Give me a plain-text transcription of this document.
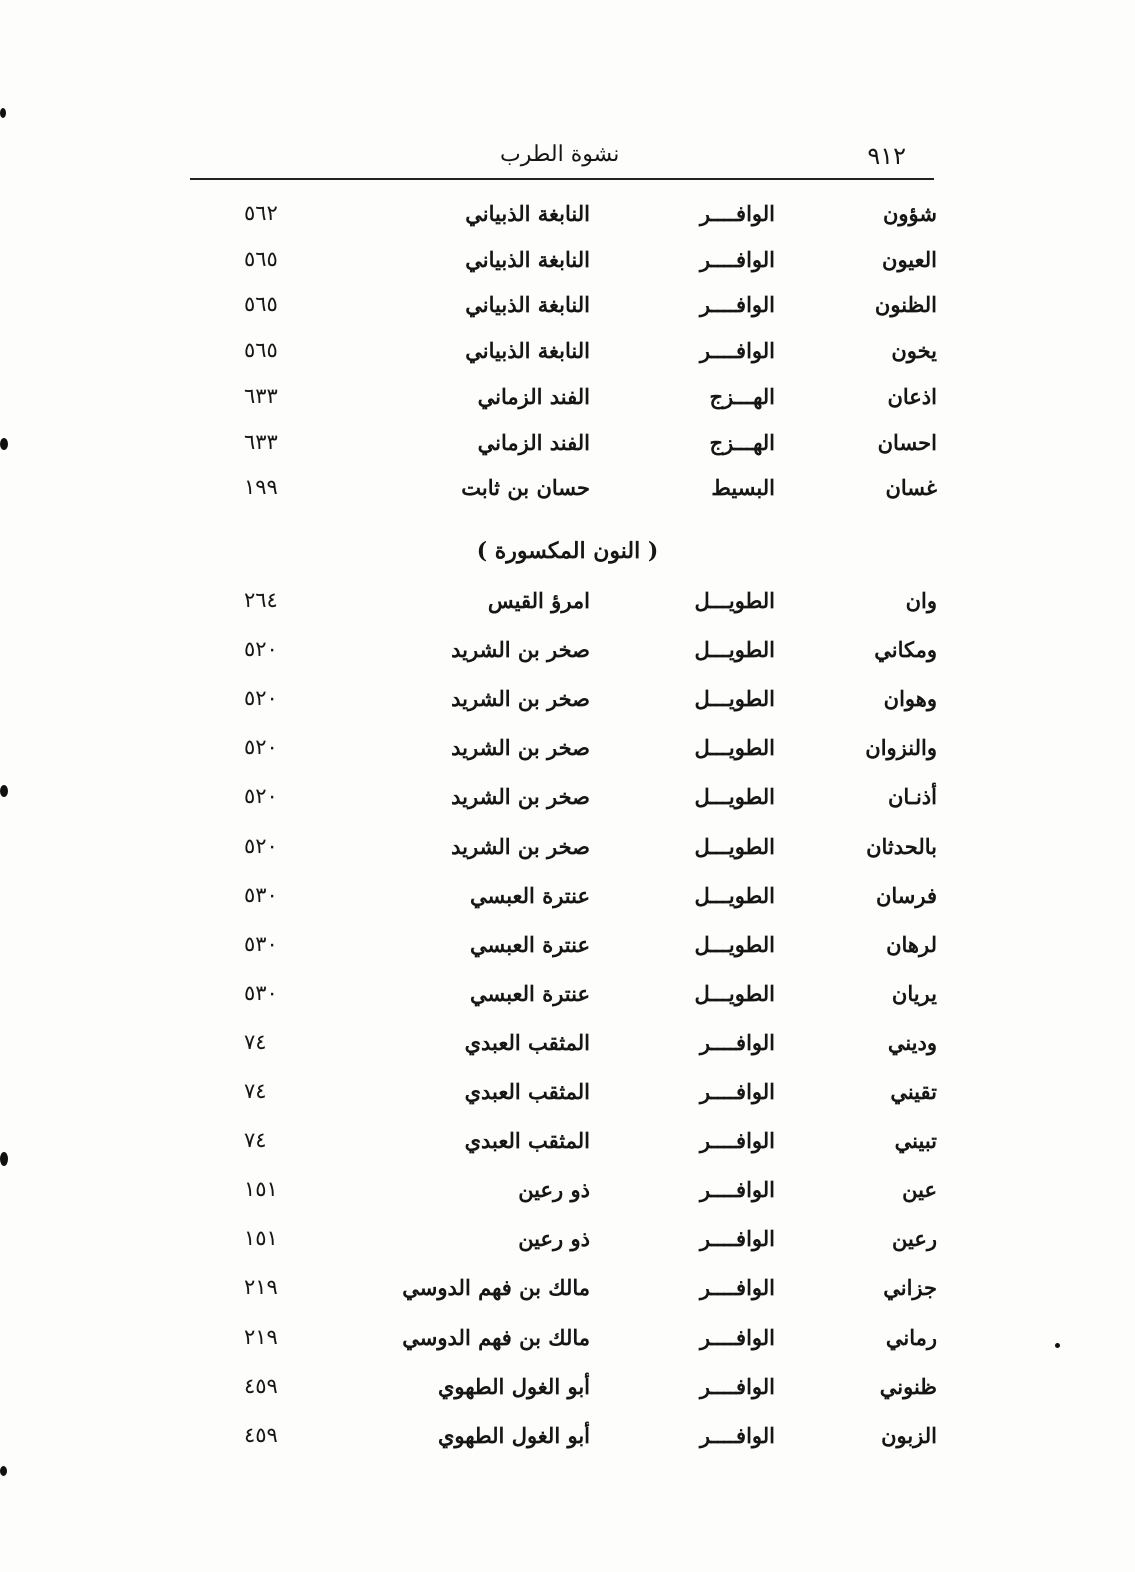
٩١٢
نشوة الطرب
شؤون
الوافــــر
النابغة الذبياني
٥٦٢
العيون
الوافــــر
النابغة الذبياني
٥٦٥
الظنون
الوافــــر
النابغة الذبياني
٥٦٥
يخون
الوافــــر
النابغة الذبياني
٥٦٥
اذعان
الهـــزج
الفند الزماني
٦٣٣
احسان
الهـــزج
الفند الزماني
٦٣٣
غسان
البسيط
حسان بن ثابت
١٩٩
( النون المكسورة )
وان
الطويـــل
امرؤ القيس
٢٦٤
ومكاني
الطويـــل
صخر بن الشريد
٥٢٠
وهوان
الطويـــل
صخر بن الشريد
٥٢٠
والنزوان
الطويـــل
صخر بن الشريد
٥٢٠
أذنـان
الطويـــل
صخر بن الشريد
٥٢٠
بالحدثان
الطويـــل
صخر بن الشريد
٥٢٠
فرسان
الطويـــل
عنترة العبسي
٥٣٠
لرهان
الطويـــل
عنترة العبسي
٥٣٠
يريان
الطويـــل
عنترة العبسي
٥٣٠
وديني
الوافــــر
المثقب العبدي
٧٤
تقيني
الوافــــر
المثقب العبدي
٧٤
تبيني
الوافــــر
المثقب العبدي
٧٤
عين
الوافــــر
ذو رعين
١٥١
رعين
الوافــــر
ذو رعين
١٥١
جزاني
الوافــــر
مالك بن فهم الدوسي
٢١٩
رماني
الوافــــر
مالك بن فهم الدوسي
٢١٩
ظنوني
الوافــــر
أبو الغول الطهوي
٤٥٩
الزبون
الوافــــر
أبو الغول الطهوي
٤٥٩
